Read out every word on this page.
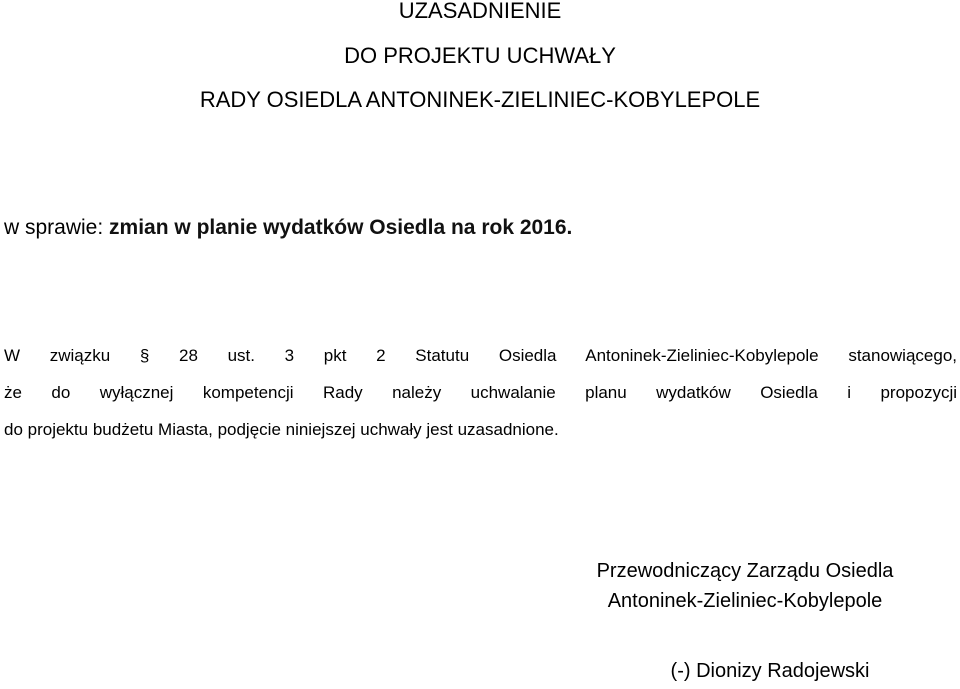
UZASADNIENIE
DO PROJEKTU UCHWAŁY
RADY OSIEDLA ANTONINEK-ZIELINIEC-KOBYLEPOLE
w sprawie: zmian w planie wydatków Osiedla na rok 2016.
W związku § 28 ust. 3 pkt 2 Statutu Osiedla Antoninek-Zieliniec-Kobylepole stanowiącego,
że do wyłącznej kompetencji Rady należy uchwalanie planu wydatków Osiedla i propozycji
do projektu budżetu Miasta, podjęcie niniejszej uchwały jest uzasadnione.
Przewodniczący Zarządu Osiedla
Antoninek-Zieliniec-Kobylepole
(-) Dionizy Radojewski
